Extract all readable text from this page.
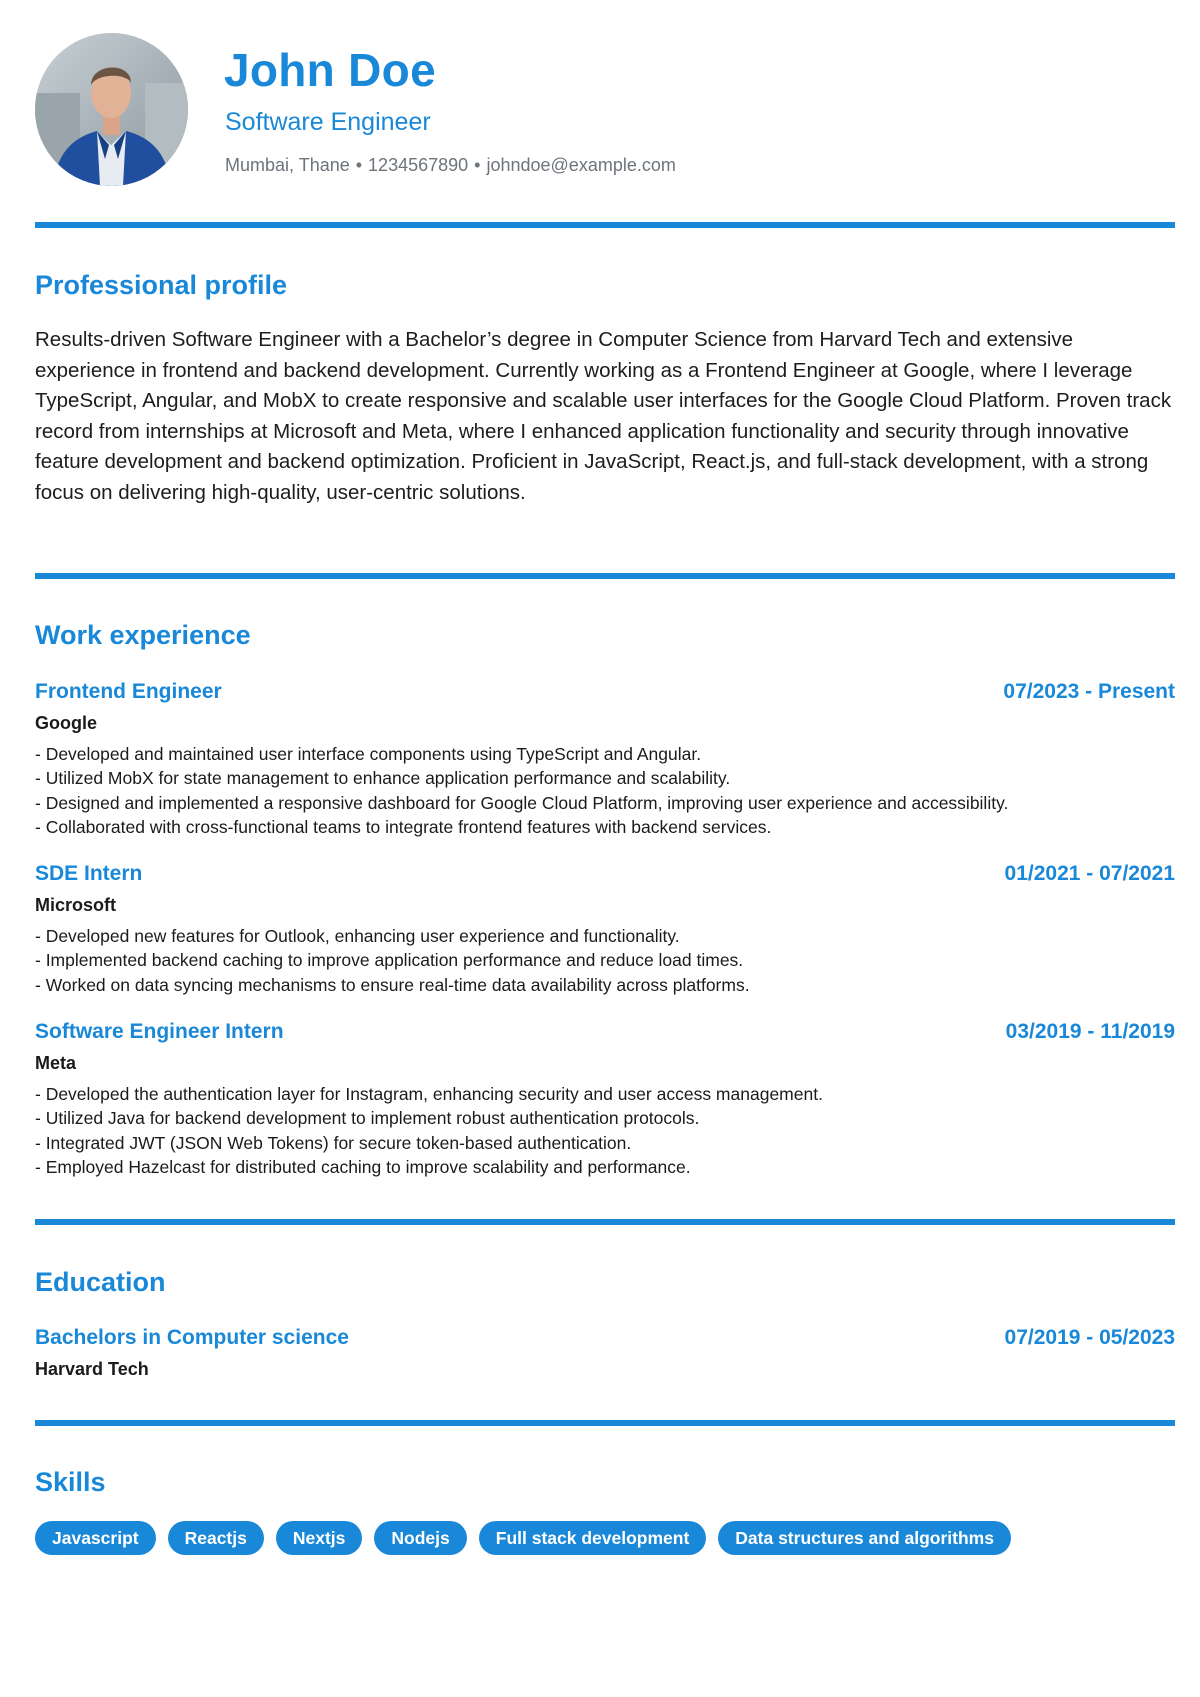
John Doe
Software Engineer
Mumbai, Thane • 1234567890 • johndoe@example.com
Professional profile
Results-driven Software Engineer with a Bachelor’s degree in Computer Science from Harvard Tech and extensive experience in frontend and backend development. Currently working as a Frontend Engineer at Google, where I leverage TypeScript, Angular, and MobX to create responsive and scalable user interfaces for the Google Cloud Platform. Proven track record from internships at Microsoft and Meta, where I enhanced application functionality and security through innovative feature development and backend optimization. Proficient in JavaScript, React.js, and full-stack development, with a strong focus on delivering high-quality, user-centric solutions.
Work experience
Frontend Engineer	07/2023 - Present
Google
- Developed and maintained user interface components using TypeScript and Angular.
- Utilized MobX for state management to enhance application performance and scalability.
- Designed and implemented a responsive dashboard for Google Cloud Platform, improving user experience and accessibility.
- Collaborated with cross-functional teams to integrate frontend features with backend services.
SDE Intern	01/2021 - 07/2021
Microsoft
- Developed new features for Outlook, enhancing user experience and functionality.
- Implemented backend caching to improve application performance and reduce load times.
- Worked on data syncing mechanisms to ensure real-time data availability across platforms.
Software Engineer Intern	03/2019 - 11/2019
Meta
- Developed the authentication layer for Instagram, enhancing security and user access management.
- Utilized Java for backend development to implement robust authentication protocols.
- Integrated JWT (JSON Web Tokens) for secure token-based authentication.
- Employed Hazelcast for distributed caching to improve scalability and performance.
Education
Bachelors in Computer science	07/2019 - 05/2023
Harvard Tech
Skills
Javascript	Reactjs	Nextjs	Nodejs	Full stack development	Data structures and algorithms
